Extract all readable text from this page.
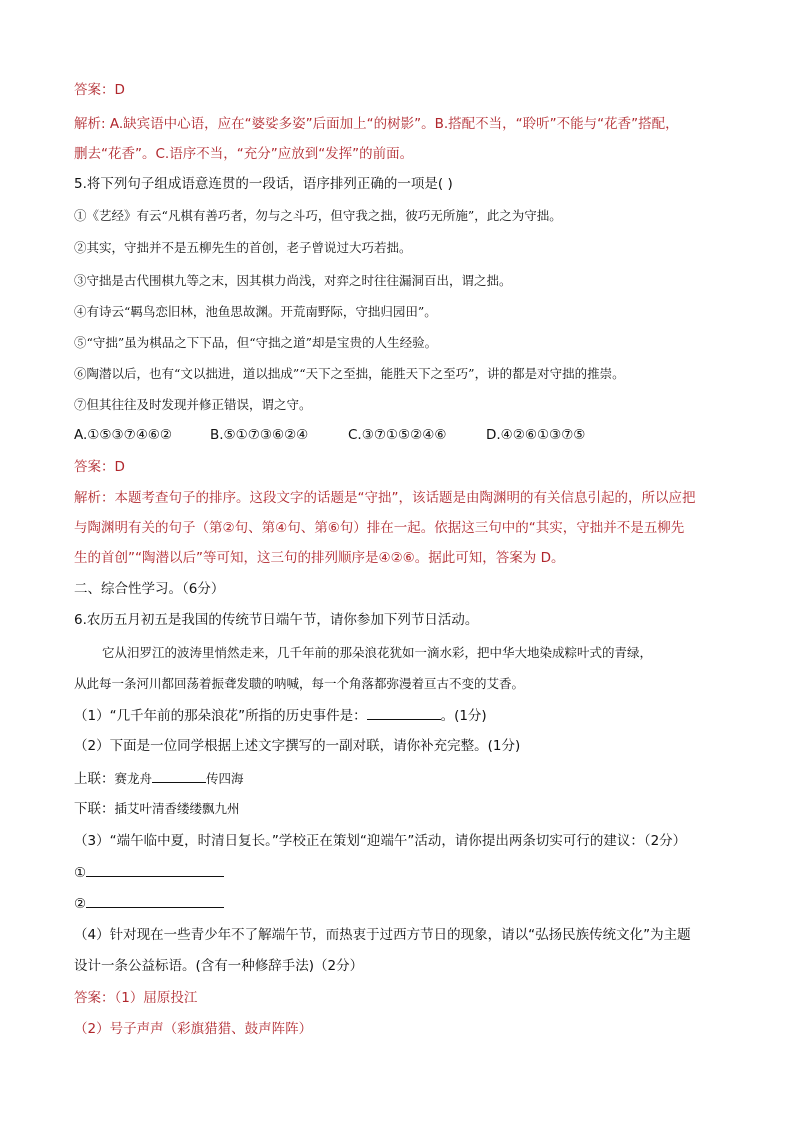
答案：D
解析: A.缺宾语中心语，应在“婆娑多姿”后面加上“的树影”。B.搭配不当，“聆听”不能与“花香”搭配，
删去“花香”。C.语序不当，“充分”应放到“发挥”的前面。
5.将下列句子组成语意连贯的一段话，语序排列正确的一项是( )
①《艺经》有云“凡棋有善巧者，勿与之斗巧，但守我之拙，彼巧无所施”，此之为守拙。
②其实，守拙并不是五柳先生的首创，老子曾说过大巧若拙。
③守拙是古代围棋九等之末，因其棋力尚浅，对弈之时往往漏洞百出，谓之拙。
④有诗云“羁鸟恋旧林，池鱼思故渊。开荒南野际，守拙归园田”。
⑤“守拙”虽为棋品之下下品，但“守拙之道”却是宝贵的人生经验。
⑥陶潜以后，也有“文以拙进，道以拙成”“天下之至拙，能胜天下之至巧”，讲的都是对守拙的推崇。
⑦但其往往及时发现并修正错误，谓之守。
A.①⑤③⑦④⑥②	B.⑤①⑦③⑥②④	C.③⑦①⑤②④⑥	D.④②⑥①③⑦⑤
答案：D
解析：本题考查句子的排序。这段文字的话题是“守拙”，该话题是由陶渊明的有关信息引起的，所以应把
与陶渊明有关的句子（第②句、第④句、第⑥句）排在一起。依据这三句中的“其实，守拙并不是五柳先
生的首创”“陶潜以后”等可知，这三句的排列顺序是④②⑥。据此可知，答案为 D。
二、综合性学习。（6分）
6.农历五月初五是我国的传统节日端午节，请你参加下列节日活动。
它从汨罗江的波涛里悄然走来，几千年前的那朵浪花犹如一滴水彩，把中华大地染成粽叶式的青绿，
从此每一条河川都回荡着振聋发聩的呐喊，每一个角落都弥漫着亘古不变的艾香。
（1）“几千年前的那朵浪花”所指的历史事件是：	。(1分)
（2）下面是一位同学根据上述文字撰写的一副对联，请你补充完整。(1分)
上联：赛龙舟	传四海
下联：插艾叶清香缕缕飘九州
（3）“端午临中夏，时清日复长。”学校正在策划“迎端午”活动，请你提出两条切实可行的建议：（2分）
①
②
（4）针对现在一些青少年不了解端午节，而热衷于过西方节日的现象，请以“弘扬民族传统文化”为主题
设计一条公益标语。(含有一种修辞手法)（2分）
答案：（1）屈原投江
（2）号子声声（彩旗猎猎、鼓声阵阵）
